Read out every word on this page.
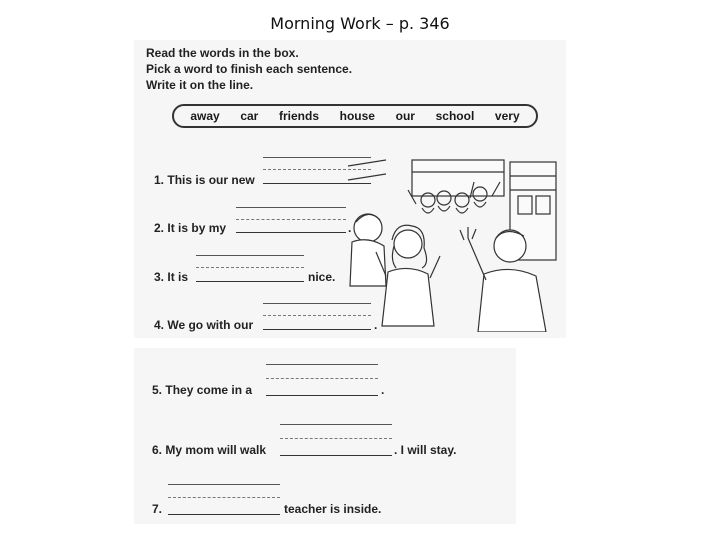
Morning Work – p. 346
Read the words in the box.
Pick a word to finish each sentence.
Write it on the line.
away car friends house our school very
1. This is our new
2. It is by my	.
3. It is	nice.
4. We go with our	.
5. They come in a	.
6. My mom will walk	. I will stay.
7.	teacher is inside.
